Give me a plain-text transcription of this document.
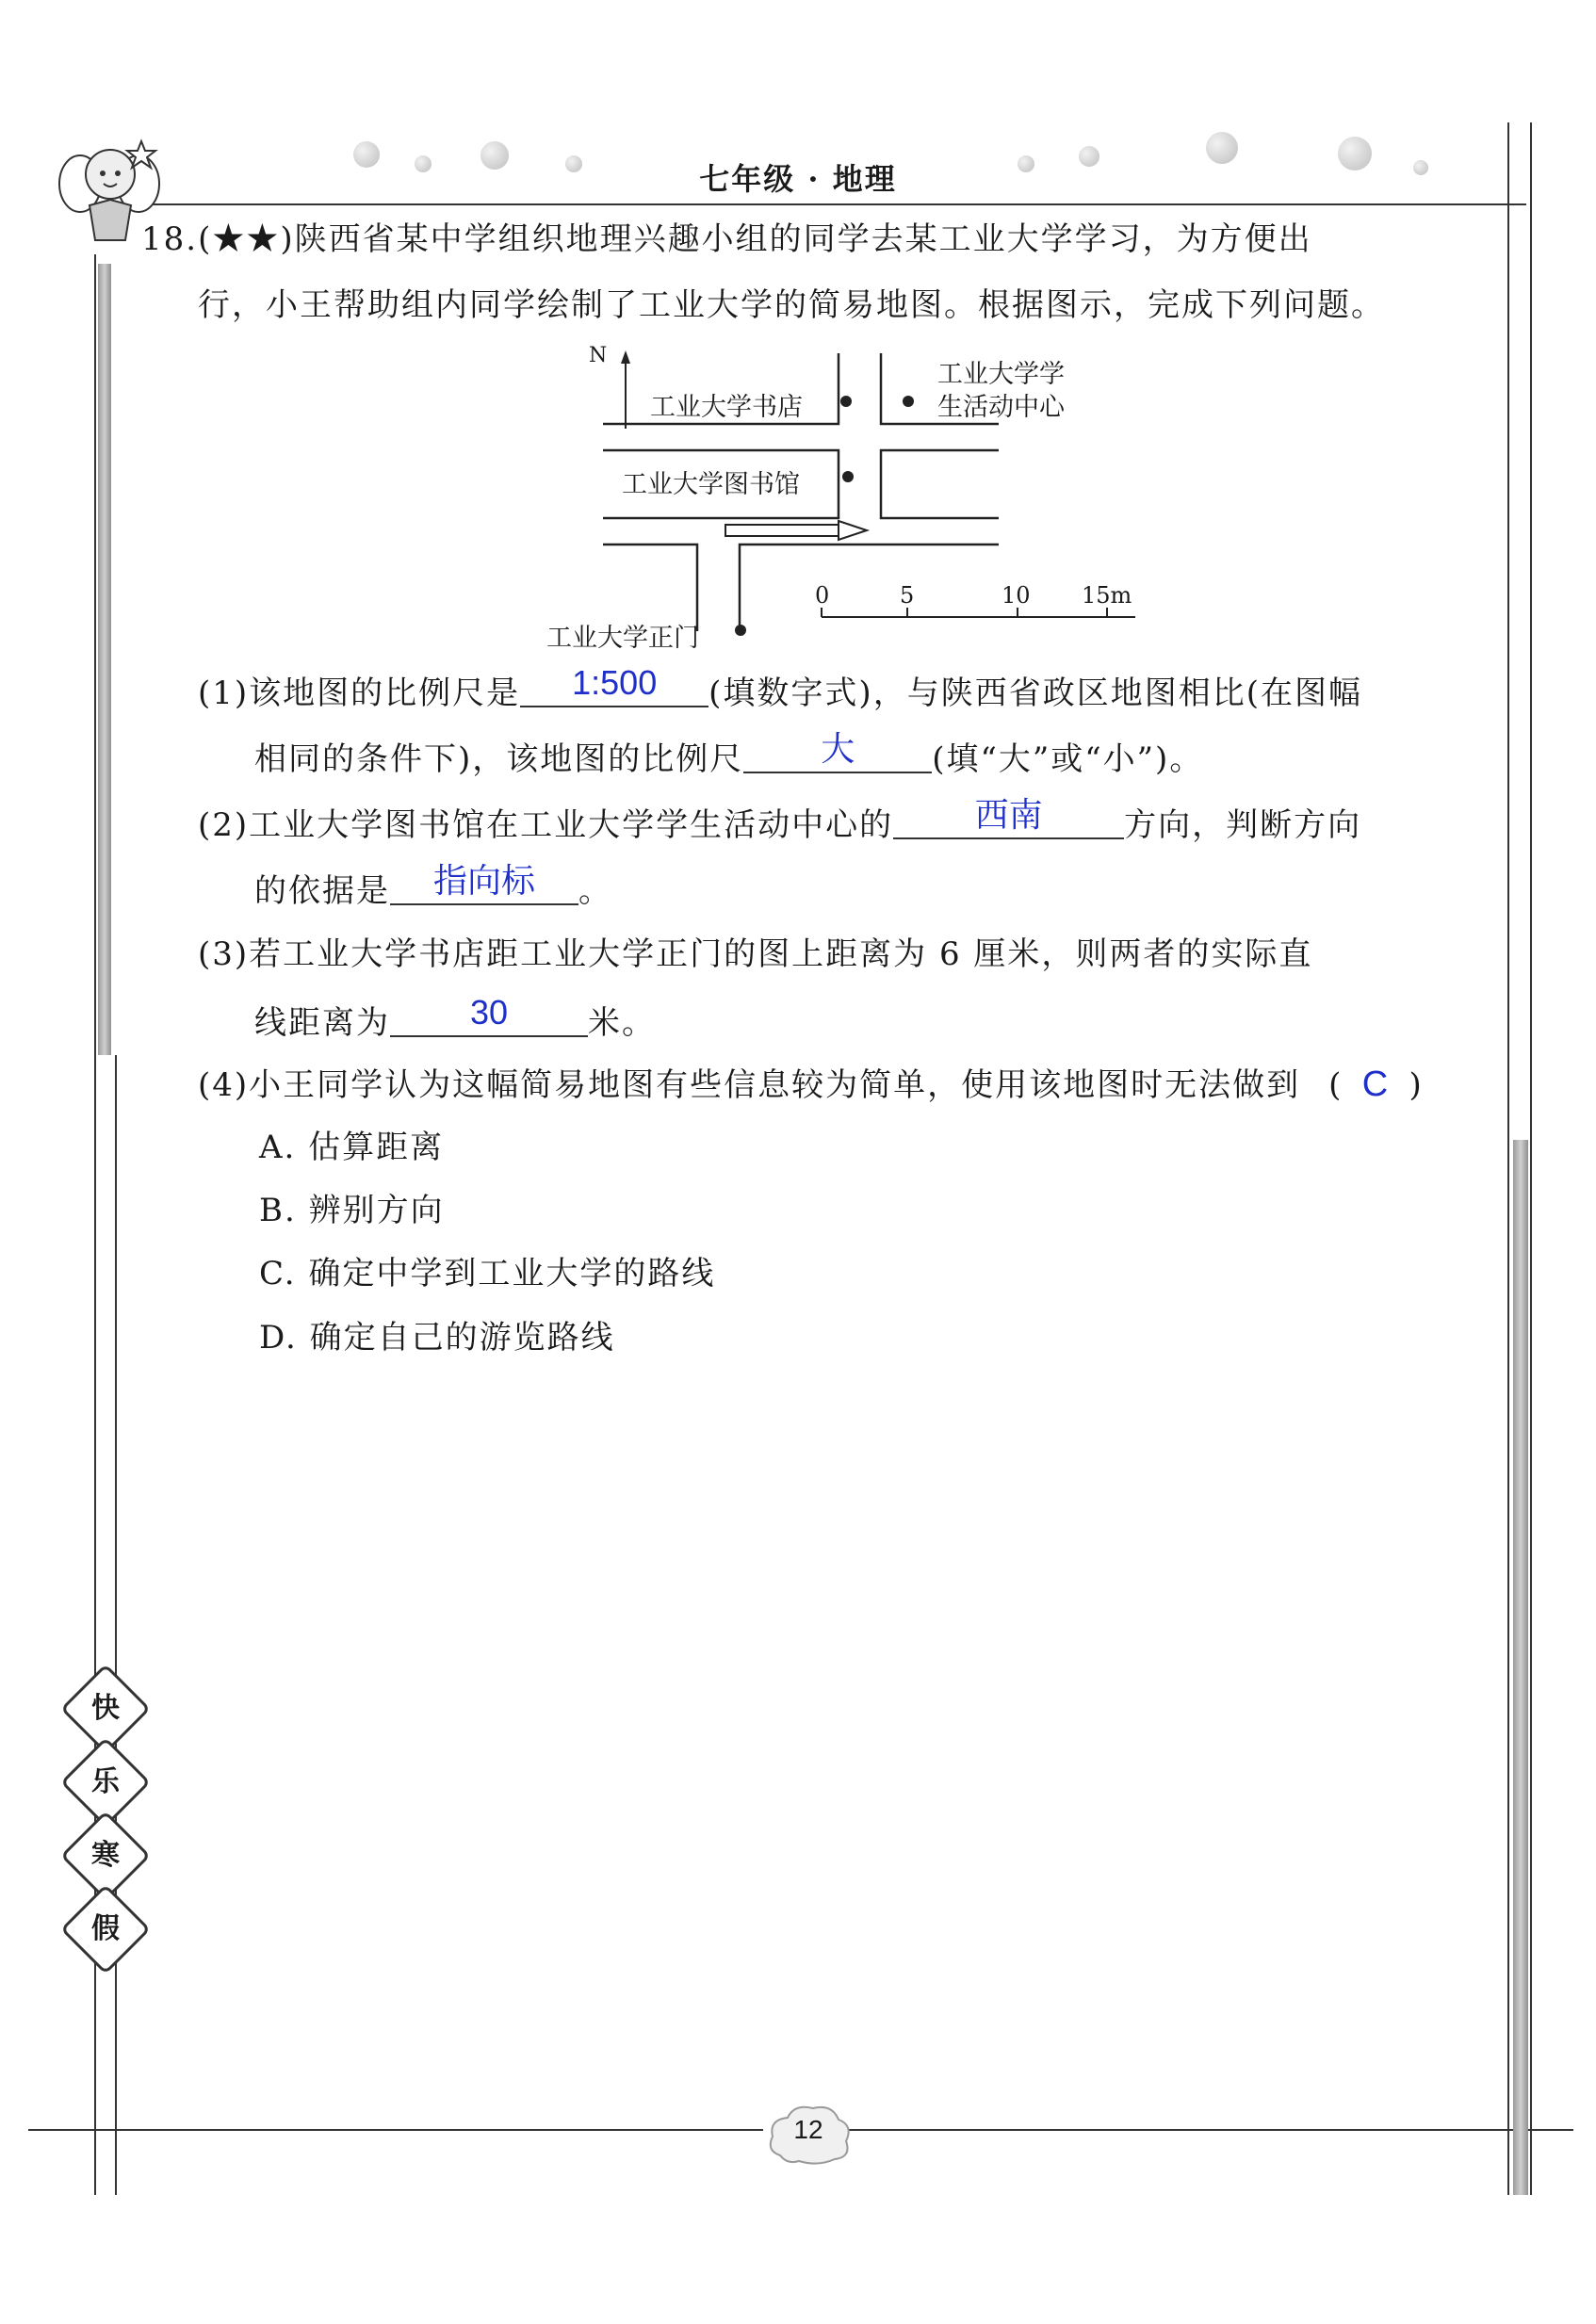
七年级 · 地理
18.(★★)陕西省某中学组织地理兴趣小组的同学去某工业大学学习，为方便出
行，小王帮助组内同学绘制了工业大学的简易地图。根据图示，完成下列问题。
N
工业大学书店
工业大学学
生活动中心
工业大学图书馆
工业大学正门
0	5	10 15m
(1)该地图的比例尺是	1:500	(填数字式)，与陕西省政区地图相比(在图幅
相同的条件下)，该地图的比例尺	大	(填“大”或“小”)。
(2)工业大学图书馆在工业大学学生活动中心的	西南	方向，判断方向
的依据是	指向标	。
(3)若工业大学书店距工业大学正门的图上距离为 6 厘米，则两者的实际直
线距离为	30	米。
(4)小王同学认为这幅简易地图有些信息较为简单，使用该地图时无法做到 ( C )
A. 估算距离
B. 辨别方向
C. 确定中学到工业大学的路线
D. 确定自己的游览路线
快
乐
寒
假
12
